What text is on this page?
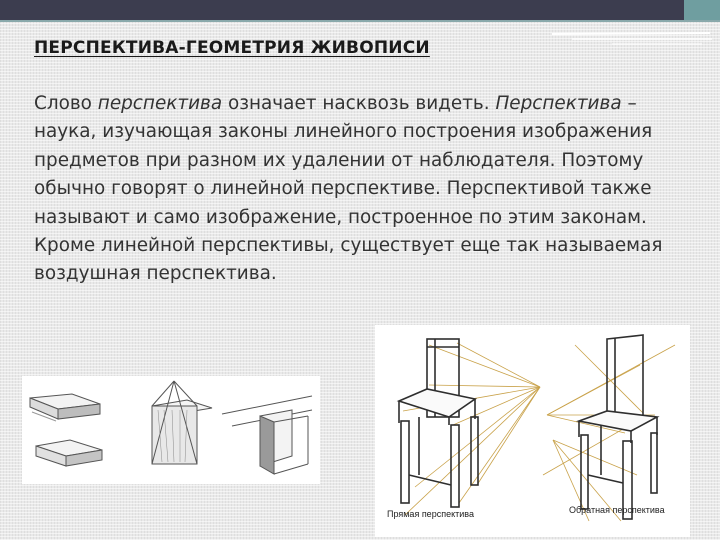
ПЕРСПЕКТИВА-ГЕОМЕТРИЯ ЖИВОПИСИ
Слово перспектива означает насквозь видеть. Перспектива – наука, изучающая законы линейного построения изображения предметов при разном их удалении от наблюдателя. Поэтому обычно говорят о линейной перспективе. Перспективой также называют и само изображение, построенное по этим законам. Кроме линейной перспективы, существует еще так называемая воздушная перспектива.
Прямая перспектива	Обратная перспектива
